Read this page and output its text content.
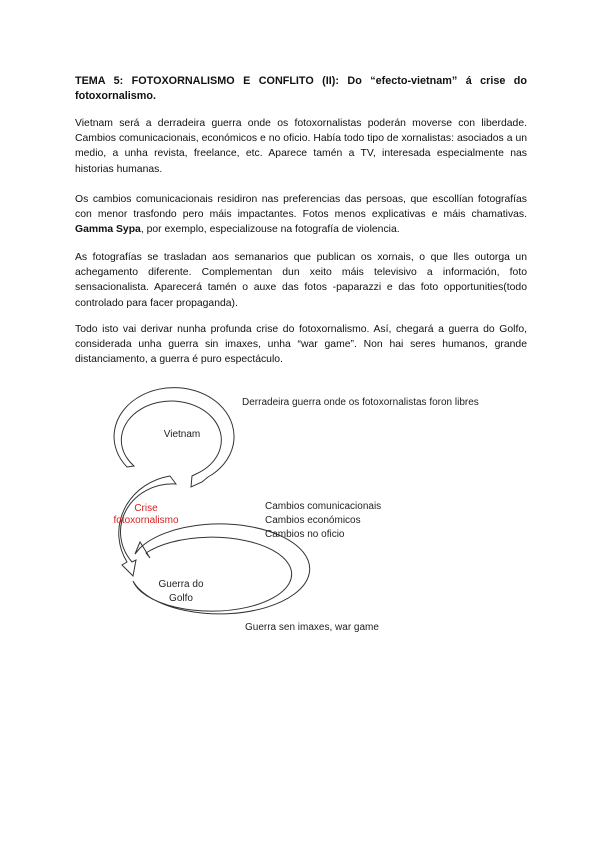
TEMA 5: FOTOXORNALISMO E CONFLITO (II): Do “efecto-vietnam” á crise do fotoxornalismo.

Vietnam será a derradeira guerra onde os fotoxornalistas poderán moverse con liberdade. Cambios comunicacionais, económicos e no oficio. Había todo tipo de xornalistas: asociados a un medio, a unha revista, freelance, etc. Aparece tamén a TV, interesada especialmente nas historias humanas.

Os cambios comunicacionais residiron nas preferencias das persoas, que escollían fotografías con menor trasfondo pero máis impactantes. Fotos menos explicativas e máis chamativas. Gamma Sypa, por exemplo, especializouse na fotografía de violencia.

As fotografías se trasladan aos semanarios que publican os xornais, o que lles outorga un achegamento diferente. Complementan dun xeito máis televisivo a información, foto sensacionalista. Aparecerá tamén o auxe das fotos -paparazzi e das foto opportunities(todo controlado para facer propaganda).

Todo isto vai derivar nunha profunda crise do fotoxornalismo. Así, chegará a guerra do Golfo, considerada unha guerra sin imaxes, unha “war game”. Non hai seres humanos, grande distanciamento, a guerra é puro espectáculo.

Vietnam
Crise
fotoxornalismo
Guerra do
Golfo
Derradeira guerra onde os fotoxornalistas foron libres
Cambios comunicacionais
Cambios económicos
Cambios no oficio
Guerra sen imaxes, war game
